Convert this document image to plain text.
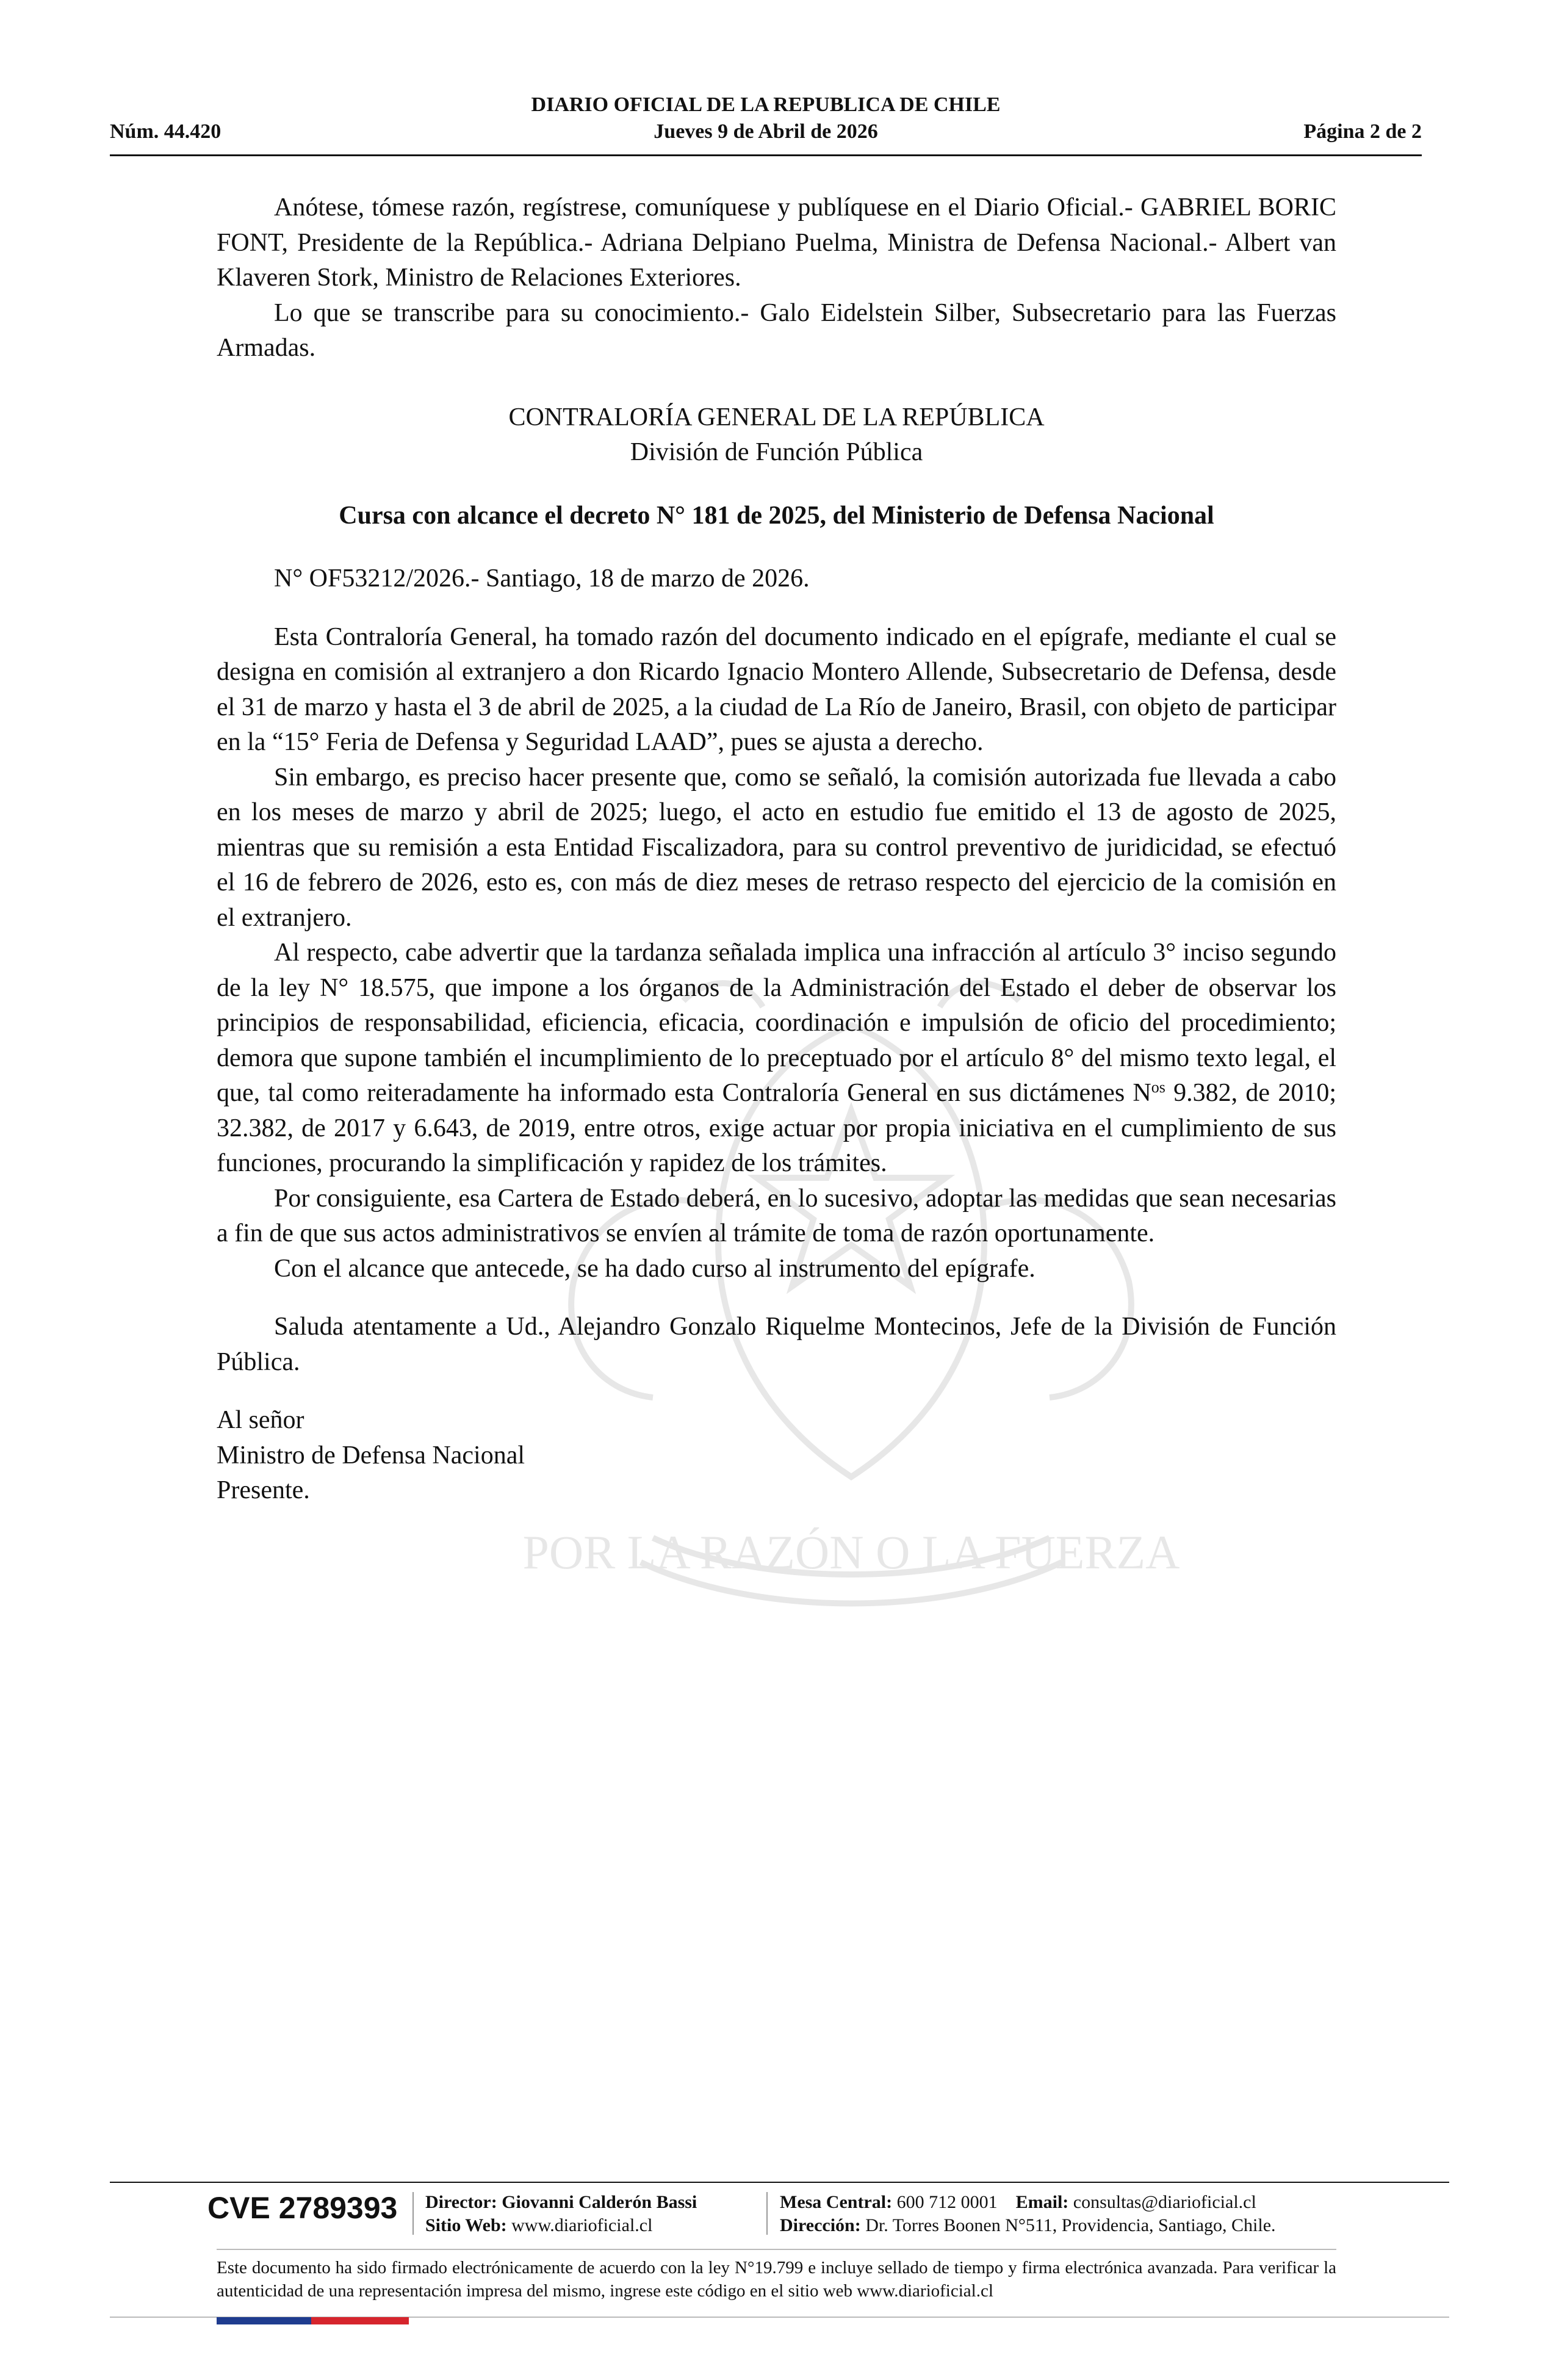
POR LA RAZÓN O LA FUERZA
DIARIO OFICIAL DE LA REPUBLICA DE CHILE
Núm. 44.420	Jueves 9 de Abril de 2026	Página 2 de 2

Anótese, tómese razón, regístrese, comuníquese y publíquese en el Diario Oficial.- GABRIEL BORIC FONT, Presidente de la República.- Adriana Delpiano Puelma, Ministra de Defensa Nacional.- Albert van Klaveren Stork, Ministro de Relaciones Exteriores.

Lo que se transcribe para su conocimiento.- Galo Eidelstein Silber, Subsecretario para las Fuerzas Armadas.

CONTRALORÍA GENERAL DE LA REPÚBLICA

División de Función Pública

Cursa con alcance el decreto N° 181 de 2025, del Ministerio de Defensa Nacional

N° OF53212/2026.- Santiago, 18 de marzo de 2026.

Esta Contraloría General, ha tomado razón del documento indicado en el epígrafe, mediante el cual se designa en comisión al extranjero a don Ricardo Ignacio Montero Allende, Subsecretario de Defensa, desde el 31 de marzo y hasta el 3 de abril de 2025, a la ciudad de La Río de Janeiro, Brasil, con objeto de participar en la “15° Feria de Defensa y Seguridad LAAD”, pues se ajusta a derecho.

Sin embargo, es preciso hacer presente que, como se señaló, la comisión autorizada fue llevada a cabo en los meses de marzo y abril de 2025; luego, el acto en estudio fue emitido el 13 de agosto de 2025, mientras que su remisión a esta Entidad Fiscalizadora, para su control preventivo de juridicidad, se efectuó el 16 de febrero de 2026, esto es, con más de diez meses de retraso respecto del ejercicio de la comisión en el extranjero.

Al respecto, cabe advertir que la tardanza señalada implica una infracción al artículo 3° inciso segundo de la ley N° 18.575, que impone a los órganos de la Administración del Estado el deber de observar los principios de responsabilidad, eficiencia, eficacia, coordinación e impulsión de oficio del procedimiento; demora que supone también el incumplimiento de lo preceptuado por el artículo 8° del mismo texto legal, el que, tal como reiteradamente ha informado esta Contraloría General en sus dictámenes $N^{os}$ 9.382, de 2010; 32.382, de 2017 y 6.643, de 2019, entre otros, exige actuar por propia iniciativa en el cumplimiento de sus funciones, procurando la simplificación y rapidez de los trámites.

Por consiguiente, esa Cartera de Estado deberá, en lo sucesivo, adoptar las medidas que sean necesarias a fin de que sus actos administrativos se envíen al trámite de toma de razón oportunamente.

Con el alcance que antecede, se ha dado curso al instrumento del epígrafe.

Saluda atentamente a Ud., Alejandro Gonzalo Riquelme Montecinos, Jefe de la División de Función Pública.

Al señor

Ministro de Defensa Nacional

Presente.

CVE 2789393 Director: Giovanni Calderón Bassi
Sitio Web: www.diarioficial.cl
Mesa Central: 600 712 0001 Email: consultas@diarioficial.cl
Dirección: Dr. Torres Boonen N°511, Providencia, Santiago, Chile.
Este documento ha sido firmado electrónicamente de acuerdo con la ley N°19.799 e incluye sellado de tiempo y firma electrónica avanzada. Para verificar la autenticidad de una representación impresa del mismo, ingrese este código en el sitio web www.diarioficial.cl
